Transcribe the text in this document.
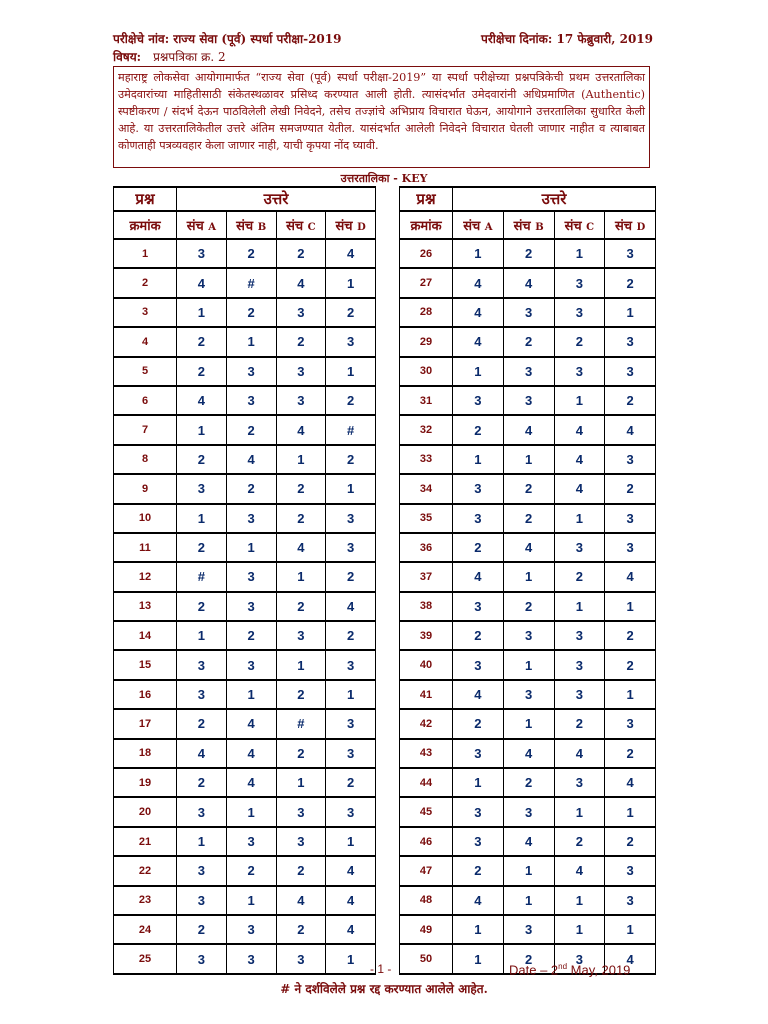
परीक्षेचे नांव: राज्य सेवा (पूर्व) स्पर्धा परीक्षा-2019	परीक्षेचा दिनांक: 17 फेब्रुवारी, 2019
विषय: प्रश्नपत्रिका क्र. 2
महाराष्ट्र लोकसेवा आयोगामार्फत “राज्य सेवा (पूर्व) स्पर्धा परीक्षा-2019” या स्पर्धा परीक्षेच्या प्रश्नपत्रिकेची प्रथम उत्तरतालिका उमेदवारांच्या माहितीसाठी संकेतस्थळावर प्रसिध्द करण्यात आली होती. त्यासंदर्भात उमेदवारांनी अधिप्रमाणित (Authentic) स्पष्टीकरण / संदर्भ देऊन पाठविलेली लेखी निवेदने, तसेच तज्ज्ञांचे अभिप्राय विचारात घेऊन, आयोगाने उत्तरतालिका सुधारित केली आहे. या उत्तरतालिकेतील उत्तरे अंतिम समजण्यात येतील. यासंदर्भात आलेली निवेदने विचारात घेतली जाणार नाहीत व त्याबाबत कोणताही पत्रव्यवहार केला जाणार नाही, याची कृपया नोंद घ्यावी.
उत्तरतालिका - KEY
प्रश्न	उत्तरे			
क्रमांक	संच A	संच B	संच C	संच D
1	3	2	2	4
2	4	#	4	1
3	1	2	3	2
4	2	1	2	3
5	2	3	3	1
6	4	3	3	2
7	1	2	4	#
8	2	4	1	2
9	3	2	2	1
10	1	3	2	3
11	2	1	4	3
12	#	3	1	2
13	2	3	2	4
14	1	2	3	2
15	3	3	1	3
16	3	1	2	1
17	2	4	#	3
18	4	4	2	3
19	2	4	1	2
20	3	1	3	3
21	1	3	3	1
22	3	2	2	4
23	3	1	4	4
24	2	3	2	4
25	3	3	3	1
प्रश्न	उत्तरे			
क्रमांक	संच A	संच B	संच C	संच D
26	1	2	1	3
27	4	4	3	2
28	4	3	3	1
29	4	2	2	3
30	1	3	3	3
31	3	3	1	2
32	2	4	4	4
33	1	1	4	3
34	3	2	4	2
35	3	2	1	3
36	2	4	3	3
37	4	1	2	4
38	3	2	1	1
39	2	3	3	2
40	3	1	3	2
41	4	3	3	1
42	2	1	2	3
43	3	4	4	2
44	1	2	3	4
45	3	3	1	1
46	3	4	2	2
47	2	1	4	3
48	4	1	1	3
49	1	3	1	1
50	1	2	3	4
- 1 -	Date – 2nd May, 2019
# ने दर्शविलेले प्रश्न रद्द करण्यात आलेले आहेत.
